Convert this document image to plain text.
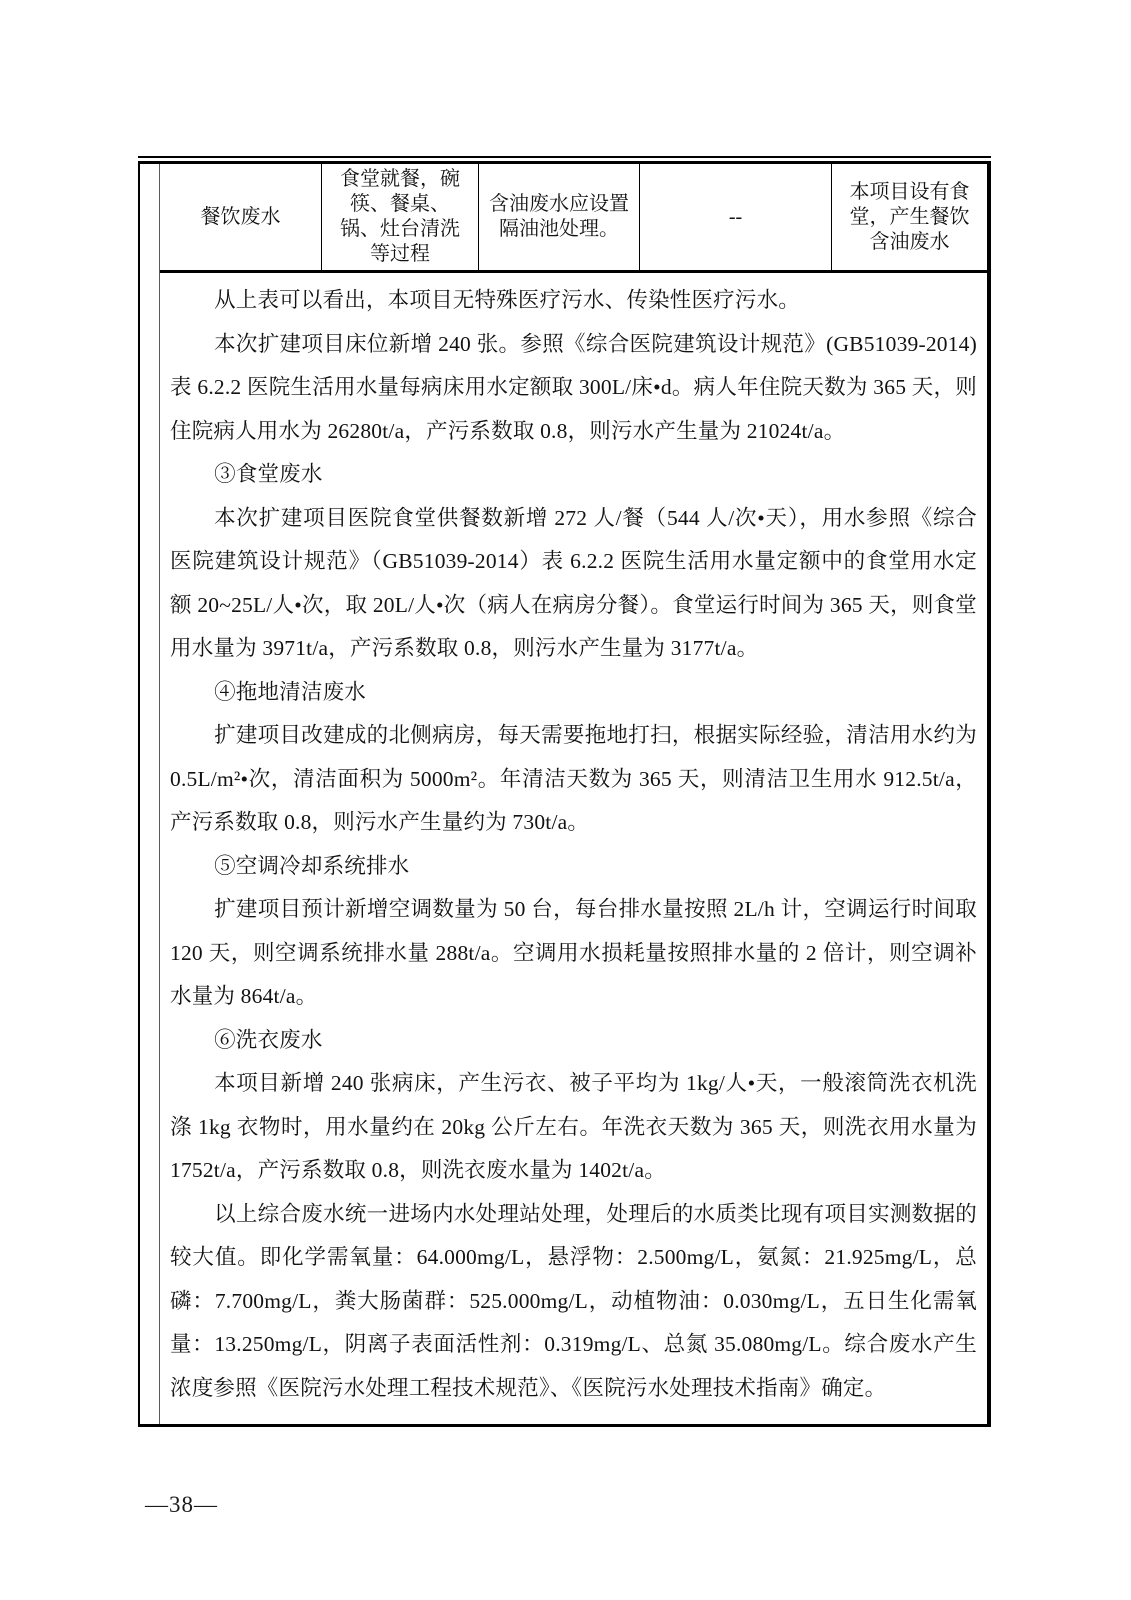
餐饮废水
食堂就餐，碗筷、餐桌、锅、灶台清洗等过程
含油废水应设置隔油池处理。
--
本项目设有食堂，产生餐饮含油废水

从上表可以看出，本项目无特殊医疗污水、传染性医疗污水。

本次扩建项目床位新增 240 张。参照《综合医院建筑设计规范》(GB51039-2014) 表 6.2.2 医院生活用水量每病床用水定额取 300L/床•d。病人年住院天数为 365 天，则住院病人用水为 26280t/a，产污系数取 0.8，则污水产生量为 21024t/a。

③食堂废水

本次扩建项目医院食堂供餐数新增 272 人/餐（544 人/次•天），用水参照《综合医院建筑设计规范》（GB51039-2014）表 6.2.2 医院生活用水量定额中的食堂用水定额 20~25L/人•次，取 20L/人•次（病人在病房分餐）。食堂运行时间为 365 天，则食堂用水量为 3971t/a，产污系数取 0.8，则污水产生量为 3177t/a。

④拖地清洁废水

扩建项目改建成的北侧病房，每天需要拖地打扫，根据实际经验，清洁用水约为 0.5L/m²•次，清洁面积为 5000m²。年清洁天数为 365 天，则清洁卫生用水 912.5t/a，产污系数取 0.8，则污水产生量约为 730t/a。

⑤空调冷却系统排水

扩建项目预计新增空调数量为 50 台，每台排水量按照 2L/h 计，空调运行时间取 120 天，则空调系统排水量 288t/a。空调用水损耗量按照排水量的 2 倍计，则空调补水量为 864t/a。

⑥洗衣废水

本项目新增 240 张病床，产生污衣、被子平均为 1kg/人•天，一般滚筒洗衣机洗涤 1kg 衣物时，用水量约在 20kg 公斤左右。年洗衣天数为 365 天，则洗衣用水量为 1752t/a，产污系数取 0.8，则洗衣废水量为 1402t/a。

以上综合废水统一进场内水处理站处理，处理后的水质类比现有项目实测数据的较大值。即化学需氧量：64.000mg/L，悬浮物：2.500mg/L，氨氮：21.925mg/L，总磷：7.700mg/L，粪大肠菌群：525.000mg/L，动植物油：0.030mg/L，五日生化需氧量：13.250mg/L，阴离子表面活性剂：0.319mg/L、总氮 35.080mg/L。综合废水产生浓度参照《医院污水处理工程技术规范》、《医院污水处理技术指南》确定。

—38—
